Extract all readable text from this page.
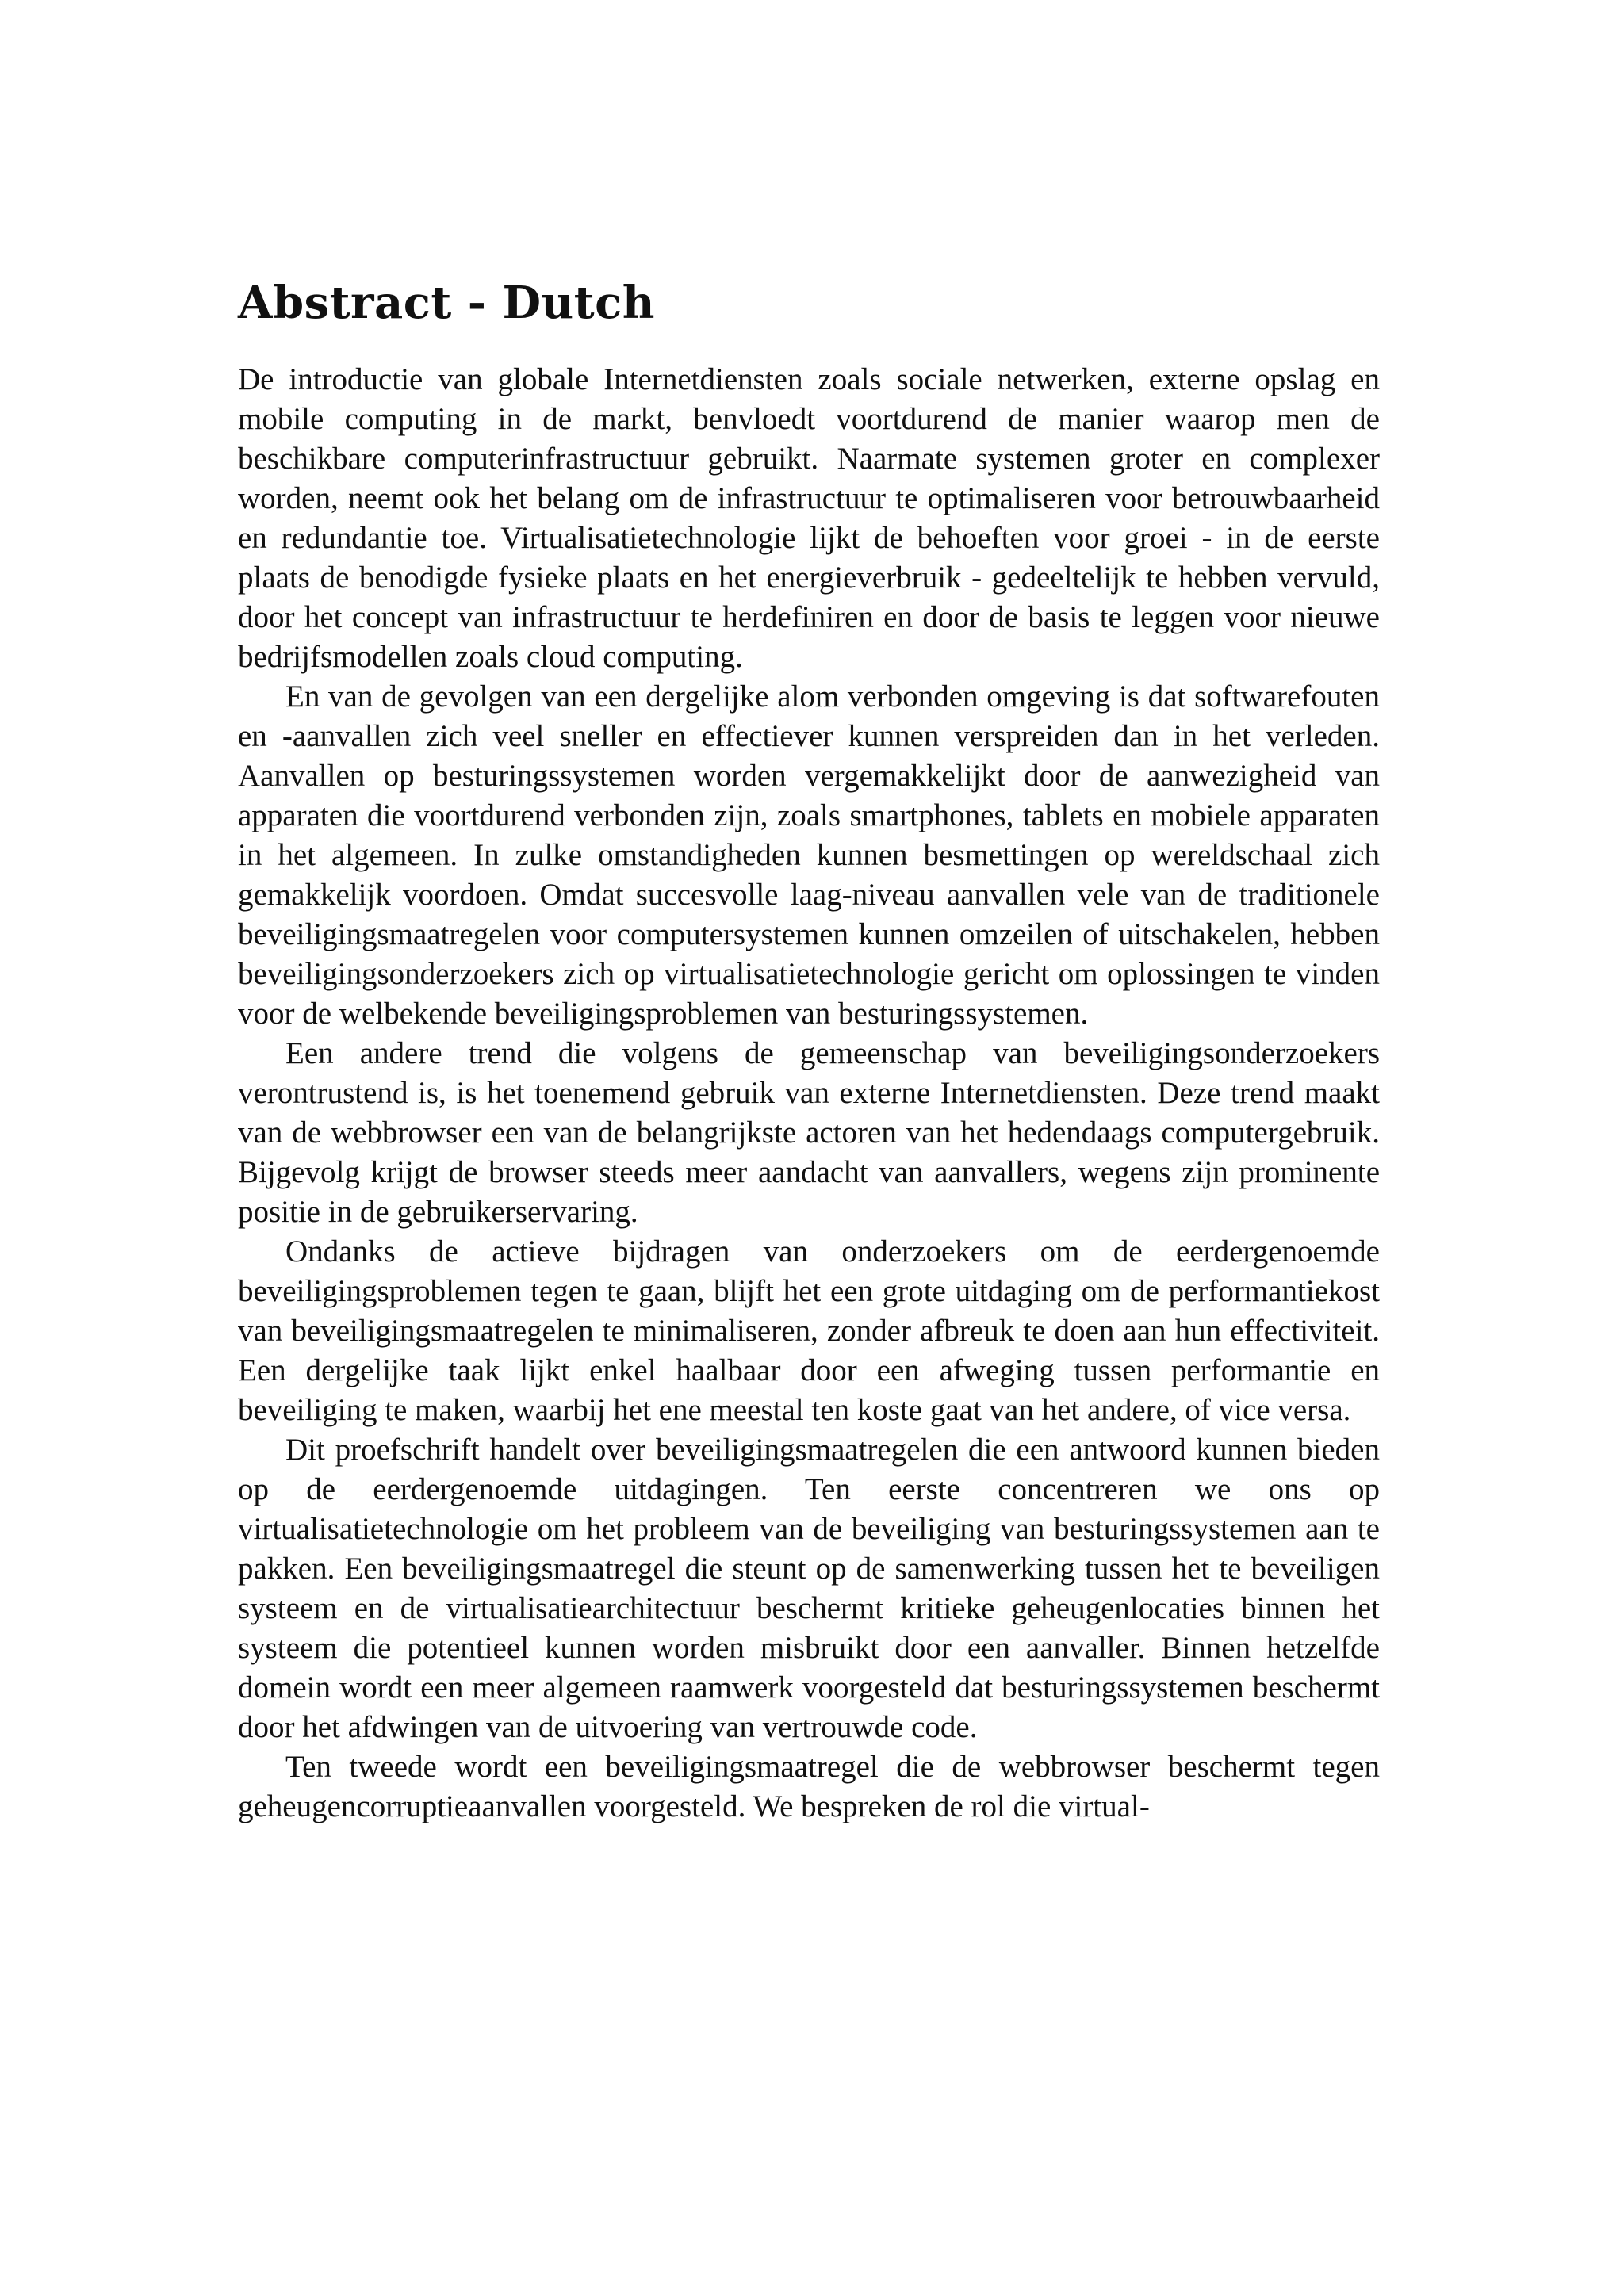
Abstract - Dutch

De introductie van globale Internetdiensten zoals sociale netwerken, externe opslag en mobile computing in de markt, benvloedt voortdurend de manier waarop men de beschikbare computerinfrastructuur gebruikt. Naarmate systemen groter en complexer worden, neemt ook het belang om de infrastructuur te optimaliseren voor betrouwbaarheid en redundantie toe. Virtualisatietechnologie lijkt de behoeften voor groei - in de eerste plaats de benodigde fysieke plaats en het energieverbruik - gedeeltelijk te hebben vervuld, door het concept van infrastructuur te herdefiniren en door de basis te leggen voor nieuwe bedrijfsmodellen zoals cloud computing.

En van de gevolgen van een dergelijke alom verbonden omgeving is dat softwarefouten en -aanvallen zich veel sneller en effectiever kunnen verspreiden dan in het verleden. Aanvallen op besturingssystemen worden vergemakkelijkt door de aanwezigheid van apparaten die voortdurend verbonden zijn, zoals smartphones, tablets en mobiele apparaten in het algemeen. In zulke omstandigheden kunnen besmettingen op wereldschaal zich gemakkelijk voordoen. Omdat succesvolle laag-niveau aanvallen vele van de traditionele beveiligingsmaatregelen voor computersystemen kunnen omzeilen of uitschakelen, hebben beveiligingsonderzoekers zich op virtualisatietechnologie gericht om oplossingen te vinden voor de welbekende beveiligingsproblemen van besturingssystemen.

Een andere trend die volgens de gemeenschap van beveiligingsonderzoekers verontrustend is, is het toenemend gebruik van externe Internetdiensten. Deze trend maakt van de webbrowser een van de belangrijkste actoren van het hedendaags computergebruik. Bijgevolg krijgt de browser steeds meer aandacht van aanvallers, wegens zijn prominente positie in de gebruikerservaring.

Ondanks de actieve bijdragen van onderzoekers om de eerdergenoemde beveiligingsproblemen tegen te gaan, blijft het een grote uitdaging om de performantiekost van beveiligingsmaatregelen te minimaliseren, zonder afbreuk te doen aan hun effectiviteit. Een dergelijke taak lijkt enkel haalbaar door een afweging tussen performantie en beveiliging te maken, waarbij het ene meestal ten koste gaat van het andere, of vice versa.

Dit proefschrift handelt over beveiligingsmaatregelen die een antwoord kunnen bieden op de eerdergenoemde uitdagingen. Ten eerste concentreren we ons op virtualisatietechnologie om het probleem van de beveiliging van besturingssystemen aan te pakken. Een beveiligingsmaatregel die steunt op de samenwerking tussen het te beveiligen systeem en de virtualisatiearchitectuur beschermt kritieke geheugenlocaties binnen het systeem die potentieel kunnen worden misbruikt door een aanvaller. Binnen hetzelfde domein wordt een meer algemeen raamwerk voorgesteld dat besturingssystemen beschermt door het afdwingen van de uitvoering van vertrouwde code.

Ten tweede wordt een beveiligingsmaatregel die de webbrowser beschermt tegen geheugencorruptieaanvallen voorgesteld. We bespreken de rol die virtual-
